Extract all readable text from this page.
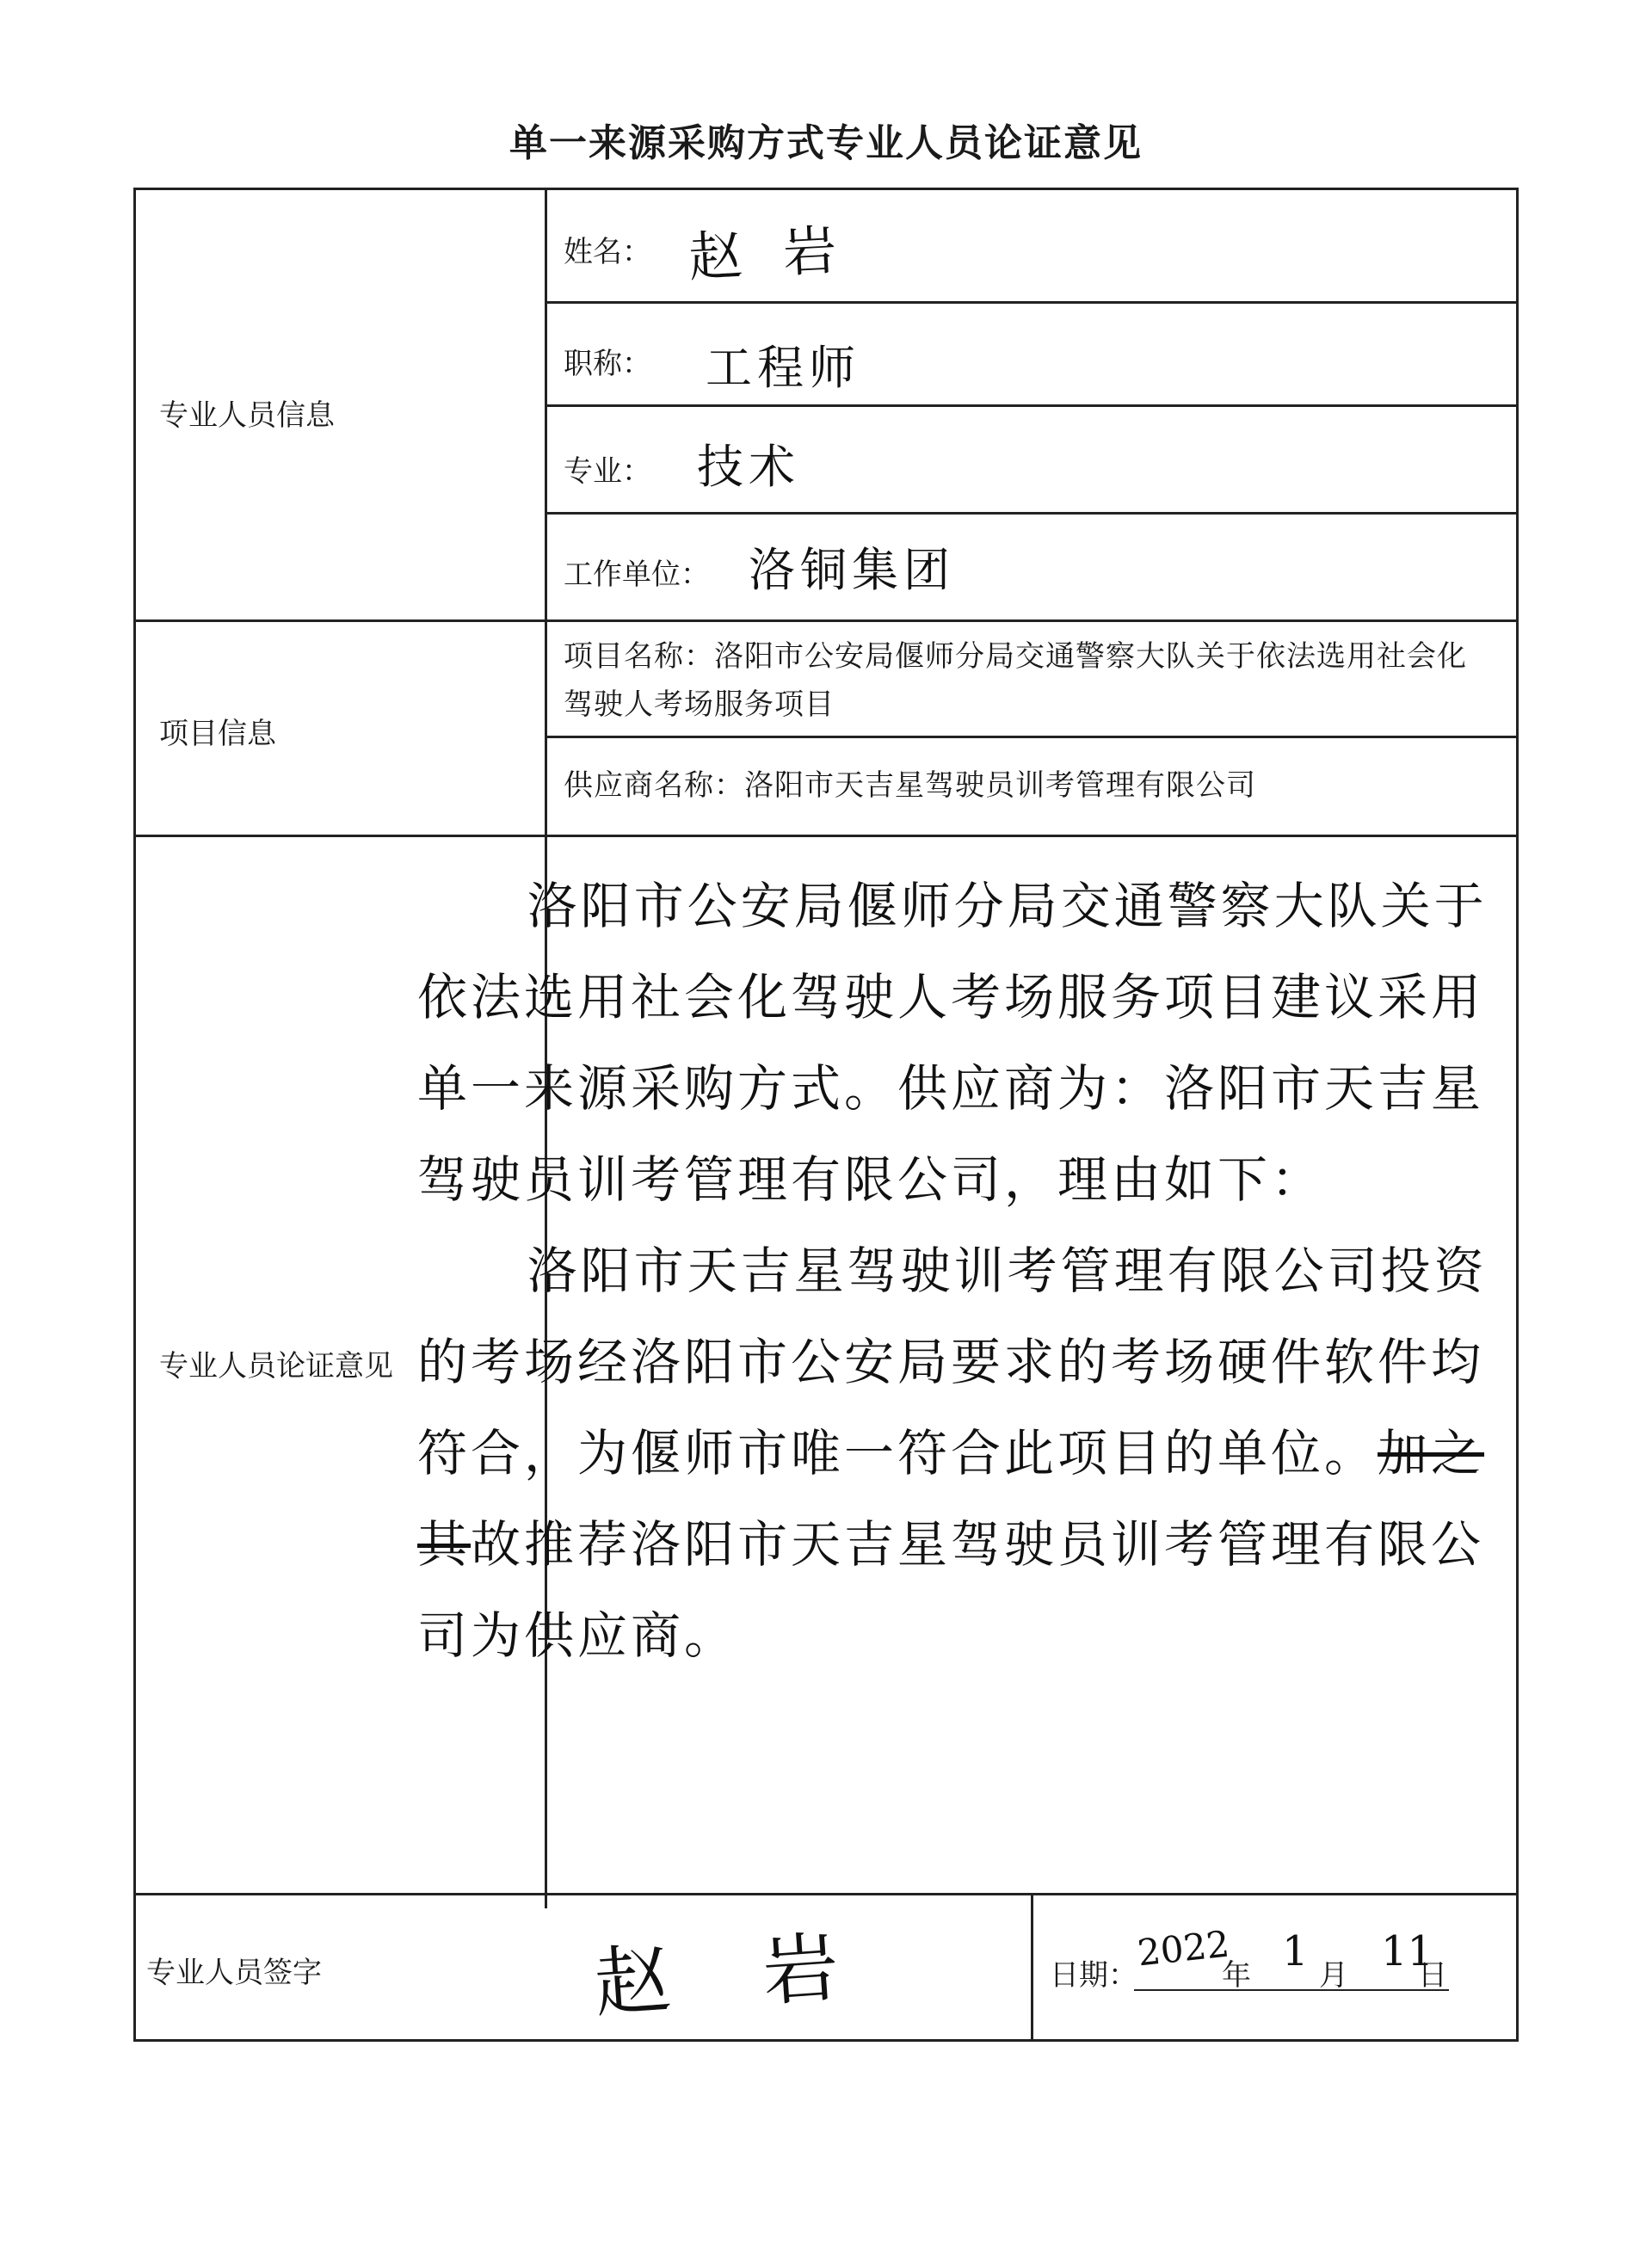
单一来源采购方式专业人员论证意见
专业人员信息
姓名： 赵 岩
职称： 工程师
专业： 技术
工作单位： 洛铜集团
项目信息
项目名称：洛阳市公安局偃师分局交通警察大队关于依法选用社会化驾驶人考场服务项目
供应商名称：洛阳市天吉星驾驶员训考管理有限公司
专业人员论证意见

洛阳市公安局偃师分局交通警察大队关于依法选用社会化驾驶人考场服务项目建议采用单一来源采购方式。供应商为：洛阳市天吉星驾驶员训考管理有限公司，理由如下：

洛阳市天吉星驾驶训考管理有限公司投资的考场经洛阳市公安局要求的考场硬件软件均符合，为偃师市唯一符合此项目的单位。加之其故推荐洛阳市天吉星驾驶员训考管理有限公司为供应商。

专业人员签字	赵 岩	日期：
2022
年 1 月 11
日
